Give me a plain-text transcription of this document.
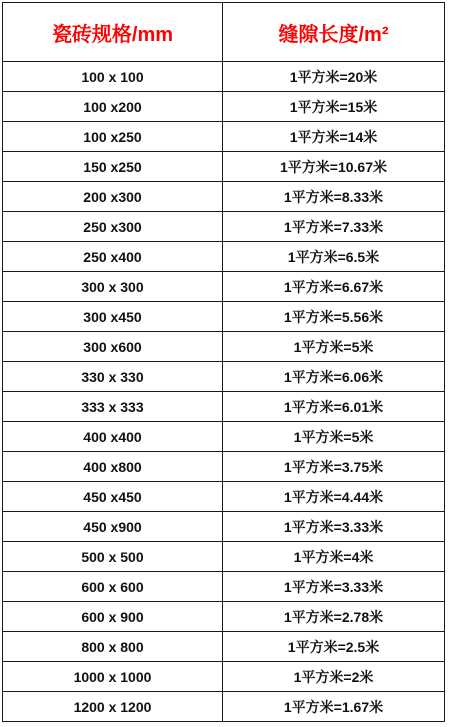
瓷砖规格/mm	缝隙长度/m²
100 x 100	1平方米=20米
100 x200	1平方米=15米
100 x250	1平方米=14米
150 x250	1平方米=10.67米
200 x300	1平方米=8.33米
250 x300	1平方米=7.33米
250 x400	1平方米=6.5米
300 x 300	1平方米=6.67米
300 x450	1平方米=5.56米
300 x600	1平方米=5米
330 x 330	1平方米=6.06米
333 x 333	1平方米=6.01米
400 x400	1平方米=5米
400 x800	1平方米=3.75米
450 x450	1平方米=4.44米
450 x900	1平方米=3.33米
500 x 500	1平方米=4米
600 x 600	1平方米=3.33米
600 x 900	1平方米=2.78米
800 x 800	1平方米=2.5米
1000 x 1000	1平方米=2米
1200 x 1200	1平方米=1.67米
